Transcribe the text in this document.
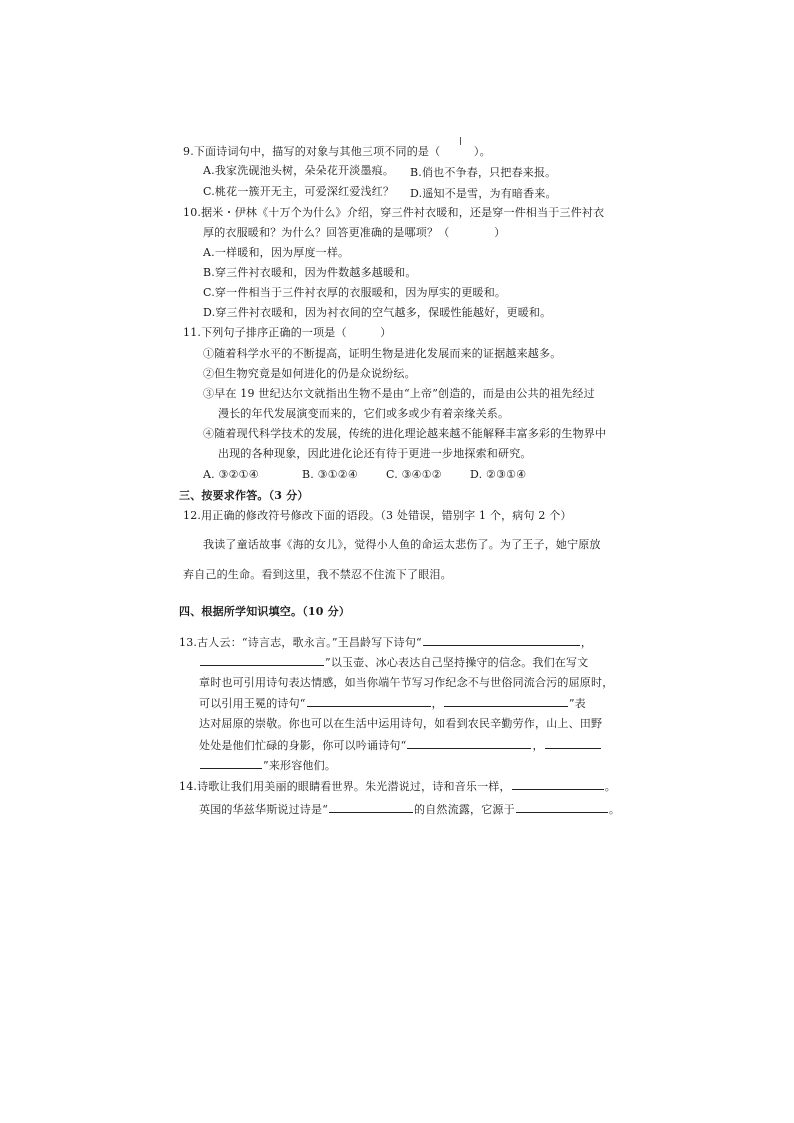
9.下面诗词句中，描写的对象与其他三项不同的是（　　　）。
A.我家洗砚池头树，朵朵花开淡墨痕。 B.俏也不争春，只把春来报。
C.桃花一簇开无主，可爱深红爱浅红？ D.遥知不是雪，为有暗香来。
10.据米・伊林《十万个为什么》介绍，穿三件衬衣暖和，还是穿一件相当于三件衬衣
厚的衣服暖和？为什么？回答更准确的是哪项？（　　　　）
A.一样暖和，因为厚度一样。
B.穿三件衬衣暖和，因为件数越多越暖和。
C.穿一件相当于三件衬衣厚的衣服暖和，因为厚实的更暖和。
D.穿三件衬衣暖和，因为衬衣间的空气越多，保暖性能越好，更暖和。
11.下列句子排序正确的一项是（　　　）
①随着科学水平的不断提高，证明生物是进化发展而来的证据越来越多。
②但生物究竟是如何进化的仍是众说纷纭。
③早在 19 世纪达尔文就指出生物不是由“上帝”创造的，而是由公共的祖先经过
漫长的年代发展演变而来的，它们或多或少有着亲缘关系。
④随着现代科学技术的发展，传统的进化理论越来越不能解释丰富多彩的生物界中
出现的各种现象，因此进化论还有待于更进一步地探索和研究。
A. ③②①④	B. ③①②④	C. ③④①②	D. ②③①④
三、按要求作答。（3 分）
12.用正确的修改符号修改下面的语段。（3 处错误，错别字 1 个，病句 2 个）
我读了童话故事《海的女儿》，觉得小人鱼的命运太悲伤了。为了王子，她宁原放
弃自己的生命。看到这里，我不禁忍不住流下了眼泪。
四、根据所学知识填空。（10 分）
13.古人云：“诗言志，歌永言。”王昌龄写下诗句“	，
”以玉壶、冰心表达自己坚持操守的信念。我们在写文
章时也可引用诗句表达情感，如当你端午节写习作纪念不与世俗同流合污的屈原时，
可以引用王冕的诗句“	，	”表
达对屈原的崇敬。你也可以在生活中运用诗句，如看到农民辛勤劳作，山上、田野
处处是他们忙碌的身影，你可以吟诵诗句“	，
”来形容他们。
14.诗歌让我们用美丽的眼睛看世界。朱光潜说过，诗和音乐一样，	。
英国的华兹华斯说过诗是“	的自然流露，它源于	。
